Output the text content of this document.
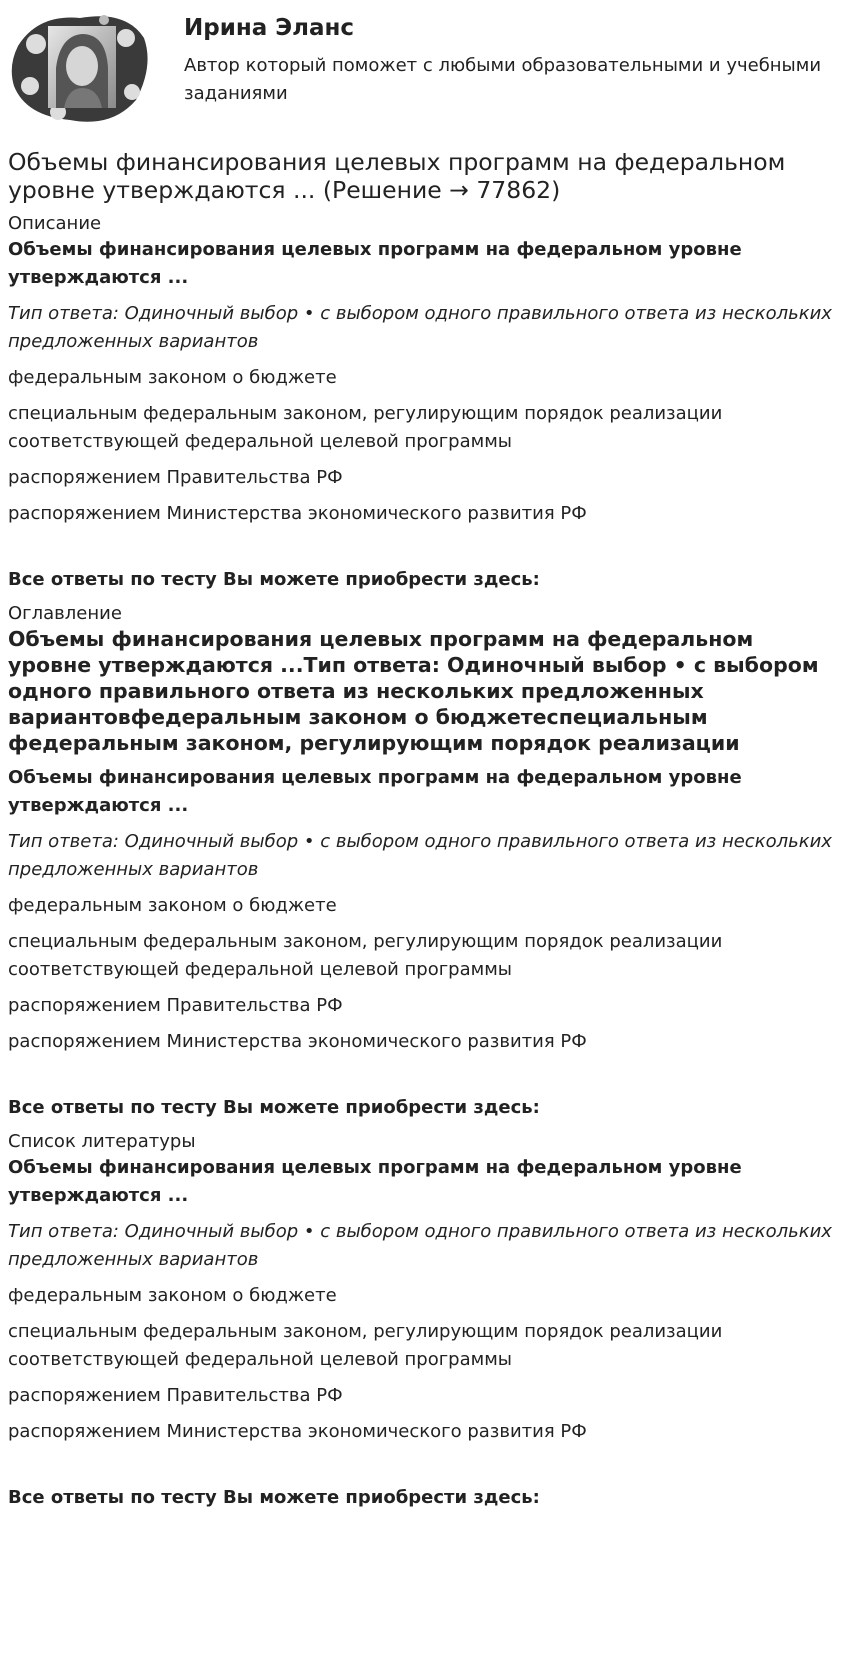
Ирина Эланс
Автор который поможет с любыми образовательными и учебными заданиями
Объемы финансирования целевых программ на федеральном уровне утверждаются ... (Решение → 77862)

Описание

Объемы финансирования целевых программ на федеральном уровне утверждаются ...

Тип ответа: Одиночный выбор • с выбором одного правильного ответа из нескольких предложенных вариантов

федеральным законом о бюджете

специальным федеральным законом, регулирующим порядок реализации соответствующей федеральной целевой программы

распоряжением Правительства РФ

распоряжением Министерства экономического развития РФ

Все ответы по тесту Вы можете приобрести здесь:

Оглавление

Объемы финансирования целевых программ на федеральном уровне утверждаются ...Тип ответа: Одиночный выбор • с выбором одного правильного ответа из нескольких предложенных вариантовфедеральным законом о бюджетеспециальным федеральным законом, регулирующим порядок реализации

Объемы финансирования целевых программ на федеральном уровне утверждаются ...

Тип ответа: Одиночный выбор • с выбором одного правильного ответа из нескольких предложенных вариантов

федеральным законом о бюджете

специальным федеральным законом, регулирующим порядок реализации соответствующей федеральной целевой программы

распоряжением Правительства РФ

распоряжением Министерства экономического развития РФ

Все ответы по тесту Вы можете приобрести здесь:

Список литературы

Объемы финансирования целевых программ на федеральном уровне утверждаются ...

Тип ответа: Одиночный выбор • с выбором одного правильного ответа из нескольких предложенных вариантов

федеральным законом о бюджете

специальным федеральным законом, регулирующим порядок реализации соответствующей федеральной целевой программы

распоряжением Правительства РФ

распоряжением Министерства экономического развития РФ

Все ответы по тесту Вы можете приобрести здесь:
